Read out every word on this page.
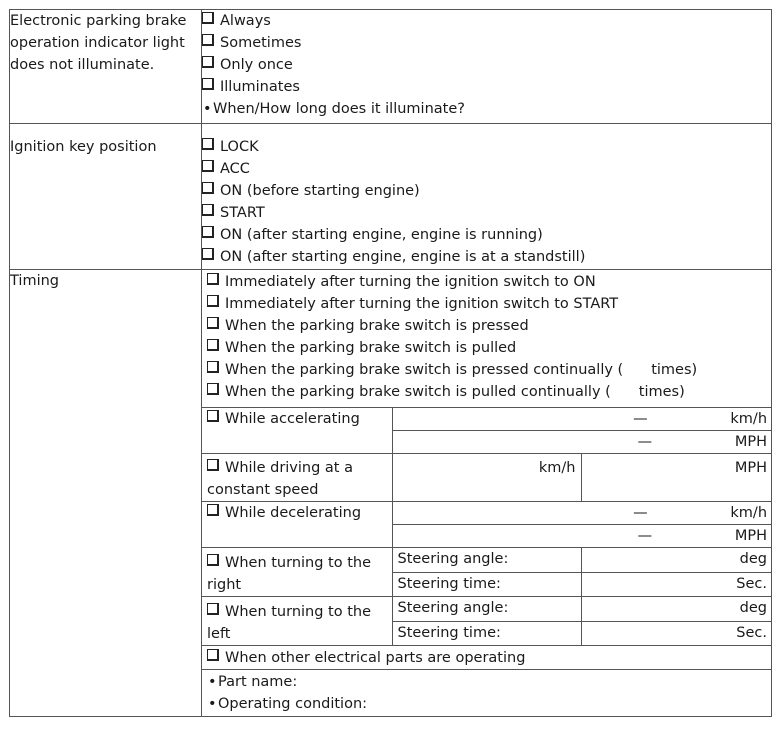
Electronic parking brake operation indicator light does not illuminate.	
Always
Sometimes
Only once
Illuminates
•When/How long does it illuminate?

Ignition key position	LOCK
ACC
ON (before starting engine)
START
ON (after starting engine, engine is running)
ON (after starting engine, engine is at a standstill)

Timing	Immediately after turning the ignition switch to ON
Immediately after turning the ignition switch to START
When the parking brake switch is pressed
When the parking brake switch is pulled
When the parking brake switch is pressed continually ( times)
When the parking brake switch is pulled continually ( times)
While accelerating	—	km/h
—	MPH
While driving at a constant speed	km/h	MPH
While decelerating	—	km/h
—	MPH
When turning to the right	Steering angle:	deg
Steering time:	Sec.
When turning to the left	Steering angle:	deg
Steering time:	Sec.
When other electrical parts are operating

•Part name:
•Operating condition:
